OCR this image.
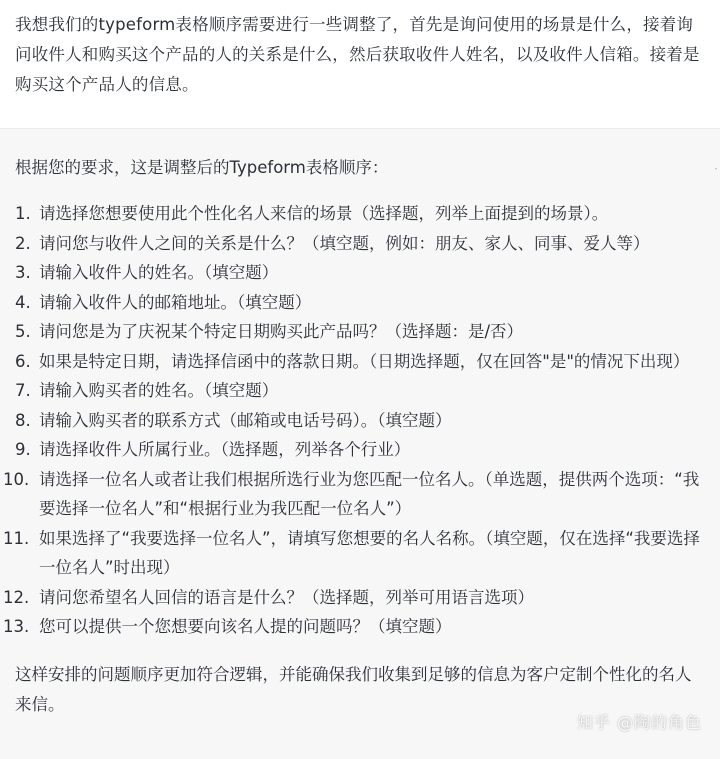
我想我们的typeform表格顺序需要进行一些调整了，首先是询问使用的场景是什么，接着询问收件人和购买这个产品的人的关系是什么，然后获取收件人姓名，以及收件人信箱。接着是购买这个产品人的信息。
根据您的要求，这是调整后的Typeform表格顺序：
1. 请选择您想要使用此个性化名人来信的场景（选择题，列举上面提到的场景）。
2. 请问您与收件人之间的关系是什么？（填空题，例如：朋友、家人、同事、爱人等）
3. 请输入收件人的姓名。（填空题）
4. 请输入收件人的邮箱地址。（填空题）
5. 请问您是为了庆祝某个特定日期购买此产品吗？（选择题：是/否）
6. 如果是特定日期，请选择信函中的落款日期。（日期选择题，仅在回答"是"的情况下出现）
7. 请输入购买者的姓名。（填空题）
8. 请输入购买者的联系方式（邮箱或电话号码）。（填空题）
9. 请选择收件人所属行业。（选择题，列举各个行业）
10. 请选择一位名人或者让我们根据所选行业为您匹配一位名人。（单选题，提供两个选项：“我要选择一位名人”和“根据行业为我匹配一位名人”）
11. 如果选择了“我要选择一位名人”，请填写您想要的名人名称。（填空题，仅在选择“我要选择一位名人”时出现）
12. 请问您希望名人回信的语言是什么？（选择题，列举可用语言选项）
13. 您可以提供一个您想要向该名人提的问题吗？（填空题）
这样安排的问题顺序更加符合逻辑，并能确保我们收集到足够的信息为客户定制个性化的名人来信。
·
知乎 @陶的角色
